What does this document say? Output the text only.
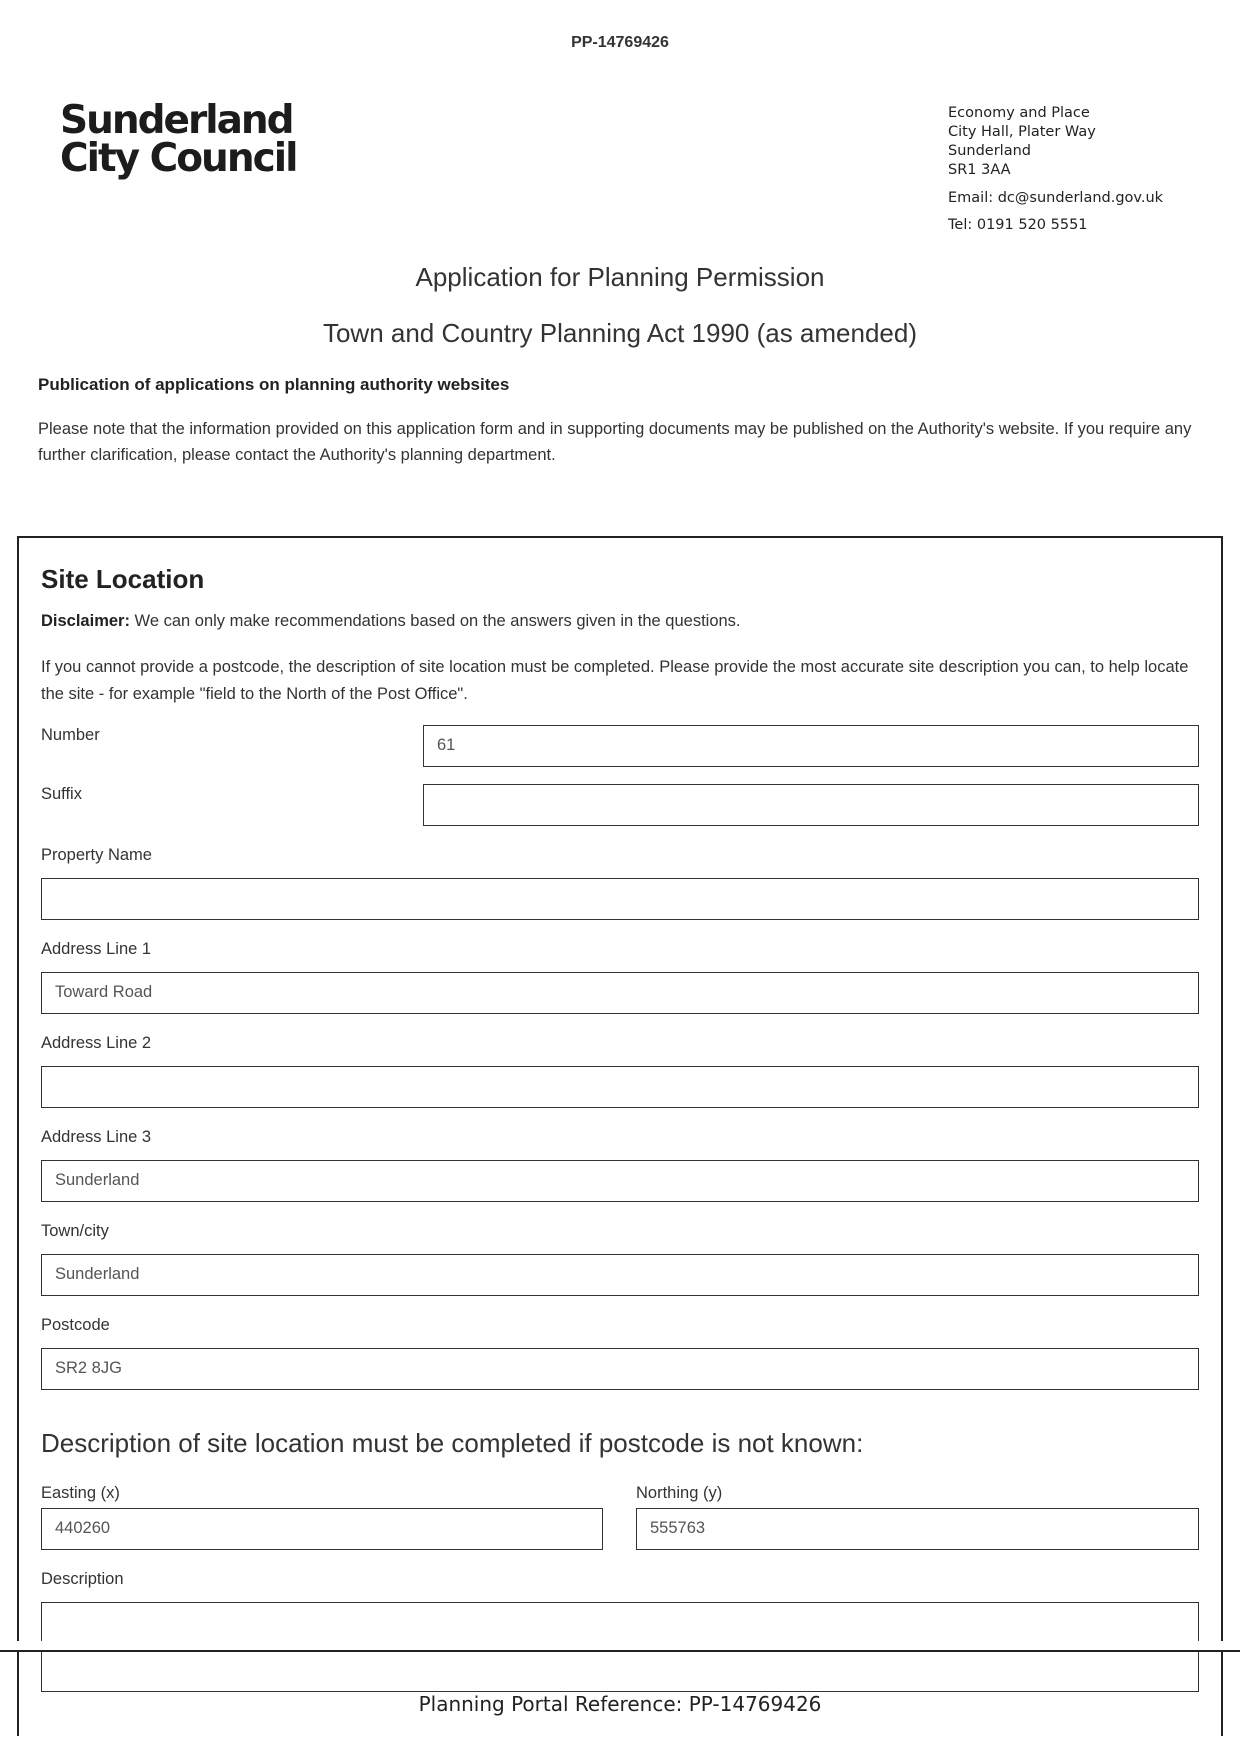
PP-14769426
Sunderland
City Council
Economy and Place
City Hall, Plater Way
Sunderland
SR1 3AA
Email: dc@sunderland.gov.uk
Tel: 0191 520 5551
Application for Planning Permission
Town and Country Planning Act 1990 (as amended)
Publication of applications on planning authority websites
Please note that the information provided on this application form and in supporting documents may be published on the Authority's website. If you require any further clarification, please contact the Authority's planning department.
Site Location
Disclaimer: We can only make recommendations based on the answers given in the questions.
If you cannot provide a postcode, the description of site location must be completed. Please provide the most accurate site description you can, to help locate the site - for example "field to the North of the Post Office".
Number
61
Suffix
Property Name
Address Line 1
Toward Road
Address Line 2
Address Line 3
Sunderland
Town/city
Sunderland
Postcode
SR2 8JG
Description of site location must be completed if postcode is not known:
Easting (x)	Northing (y)
440260	555763
Description
Planning Portal Reference: PP-14769426
